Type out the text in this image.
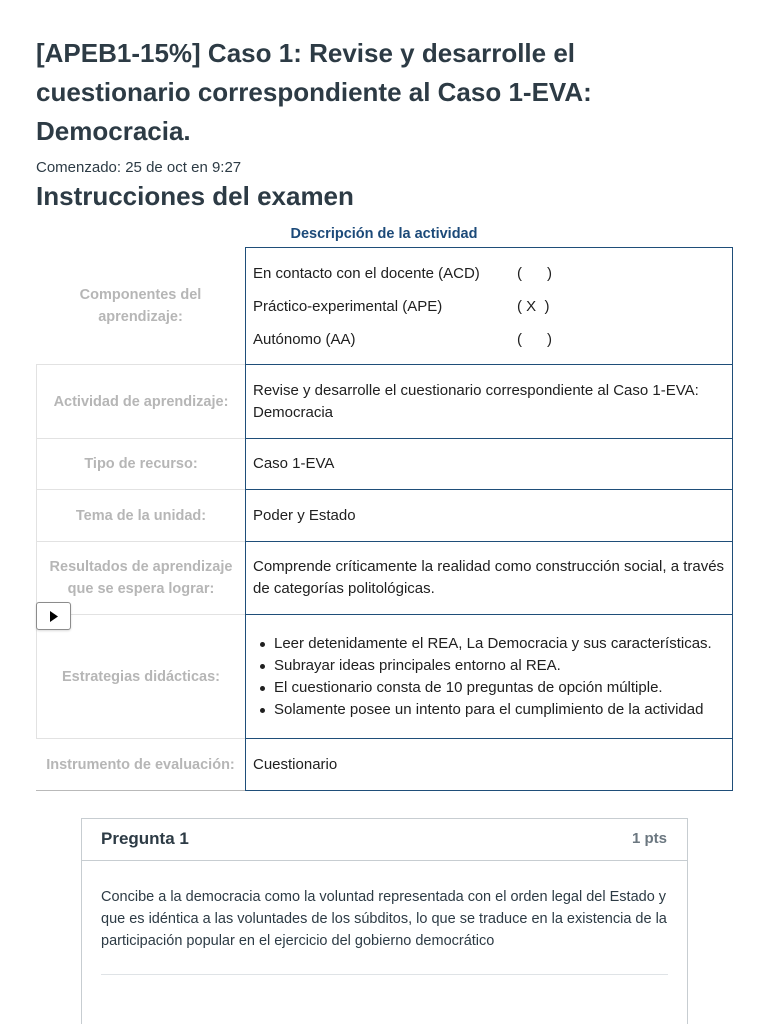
[APEB1-15%] Caso 1: Revise y desarrolle el cuestionario correspondiente al Caso 1-EVA: Democracia.
Comenzado: 25 de oct en 9:27
Instrucciones del examen
Descripción de la actividad
Componentes del aprendizaje:
En contacto con el docente (ACD) (      )
Práctico-experimental (APE)	( X  )
Autónomo (AA)	(      )
Actividad de aprendizaje:
Revise y desarrolle el cuestionario correspondiente al Caso 1-EVA: Democracia
Tipo de recurso:	Caso 1-EVA
Tema de la unidad:	Poder y Estado
Resultados de aprendizaje que se espera lograr:
Comprende críticamente la realidad como construcción social, a través de categorías politológicas.
Estrategias didácticas:
Leer detenidamente el REA, La Democracia y sus características.
Subrayar ideas principales entorno al REA.
El cuestionario consta de 10 preguntas de opción múltiple.
Solamente posee un intento para el cumplimiento de la actividad
Instrumento de evaluación:	Cuestionario
Pregunta 1	1 pts
Concibe a la democracia como la voluntad representada con el orden legal del Estado y que es idéntica a las voluntades de los súbditos, lo que se traduce en la existencia de la participación popular en el ejercicio del gobierno democrático
